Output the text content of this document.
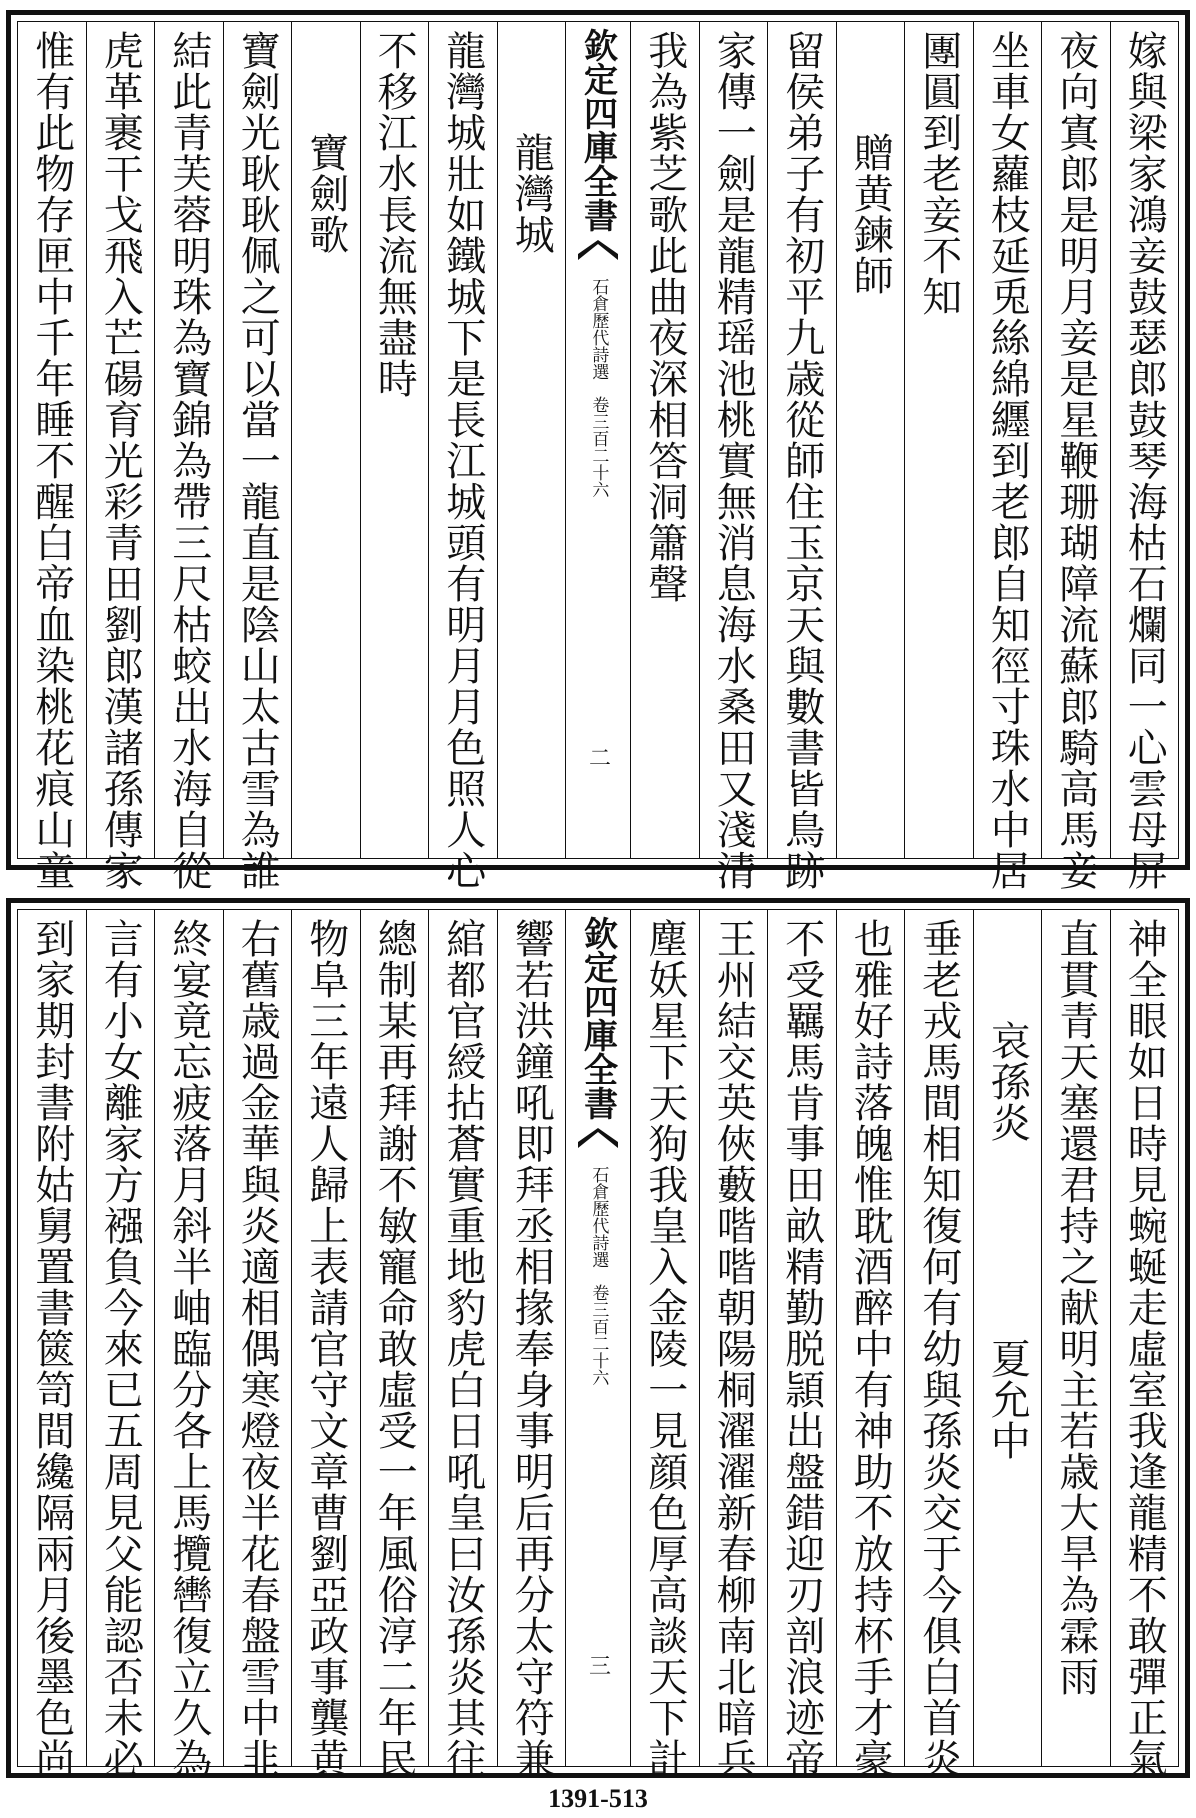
嫁與梁家鴻妾鼓瑟郎鼓琴海枯石爛同一心雲母屏
夜向寘郎是明月妾是星鞭珊瑚障流蘇郎騎高馬妾
坐車女蘿枝延兎絲綿纒到老郎自知徑寸珠水中居
團圓到老妾不知
贈黄鍊師
留侯弟子有初平九歳從師住玉京天與數書皆鳥跡
家傳一劍是龍精瑶池桃實無消息海水桑田又淺清
我為紫芝歌此曲夜深相答洞簫聲
欽定四庫全書
石倉歷代詩選
卷三百二十六
二
龍灣城
龍灣城壯如鐵城下是長江城頭有明月月色照人心
不移江水長流無盡時
寶劍歌
寶劍光耿耿佩之可以當一龍直是陰山太古雪為誰
結此青芙蓉明珠為寶錦為帶三尺枯蛟出水海自從
虎革裹干戈飛入芒碭育光彩青田劉郎漢諸孫傳家
惟有此物存匣中千年睡不醒白帝血染桃花痕山童
神全眼如日時見蜿蜒走虛室我逢龍精不敢彈正氣
直貫青天塞還君持之献明主若歳大旱為霖雨
哀孫炎
夏允中
垂老戎馬間相知復何有幼與孫炎交于今俱白首炎
也雅好詩落魄惟耽酒醉中有神助不放持杯手才豪
不受羈馬肯事田畝精勤脱頴出盤錯迎刃剖浪迹帝
王州結交英俠藪喈喈朝陽桐濯濯新春柳南北暗兵
塵妖星下天狗我皇入金陵一見顔色厚高談天下計
欽定四庫全書
石倉歷代詩選
卷三百二十六
三
響若洪鐘吼即拜丞相掾奉身事明后再分太守符兼
綰都官綬拈蒼實重地豹虎白日吼皇曰汝孫炎其往
總制某再拜謝不敏寵命敢虛受一年風俗淳二年民
物阜三年遠人歸上表請官守文章曹劉亞政事龔黄
右舊歳過金華與炎適相偶寒燈夜半花春盤雪中韭
終宴竟忘疲落月斜半岫臨分各上馬攬轡復立久為
言有小女離家方襁負今來已五周見父能認否未必
到家期封書附姑舅置書篋笥間纔隔兩月後墨色尚
1391-513
